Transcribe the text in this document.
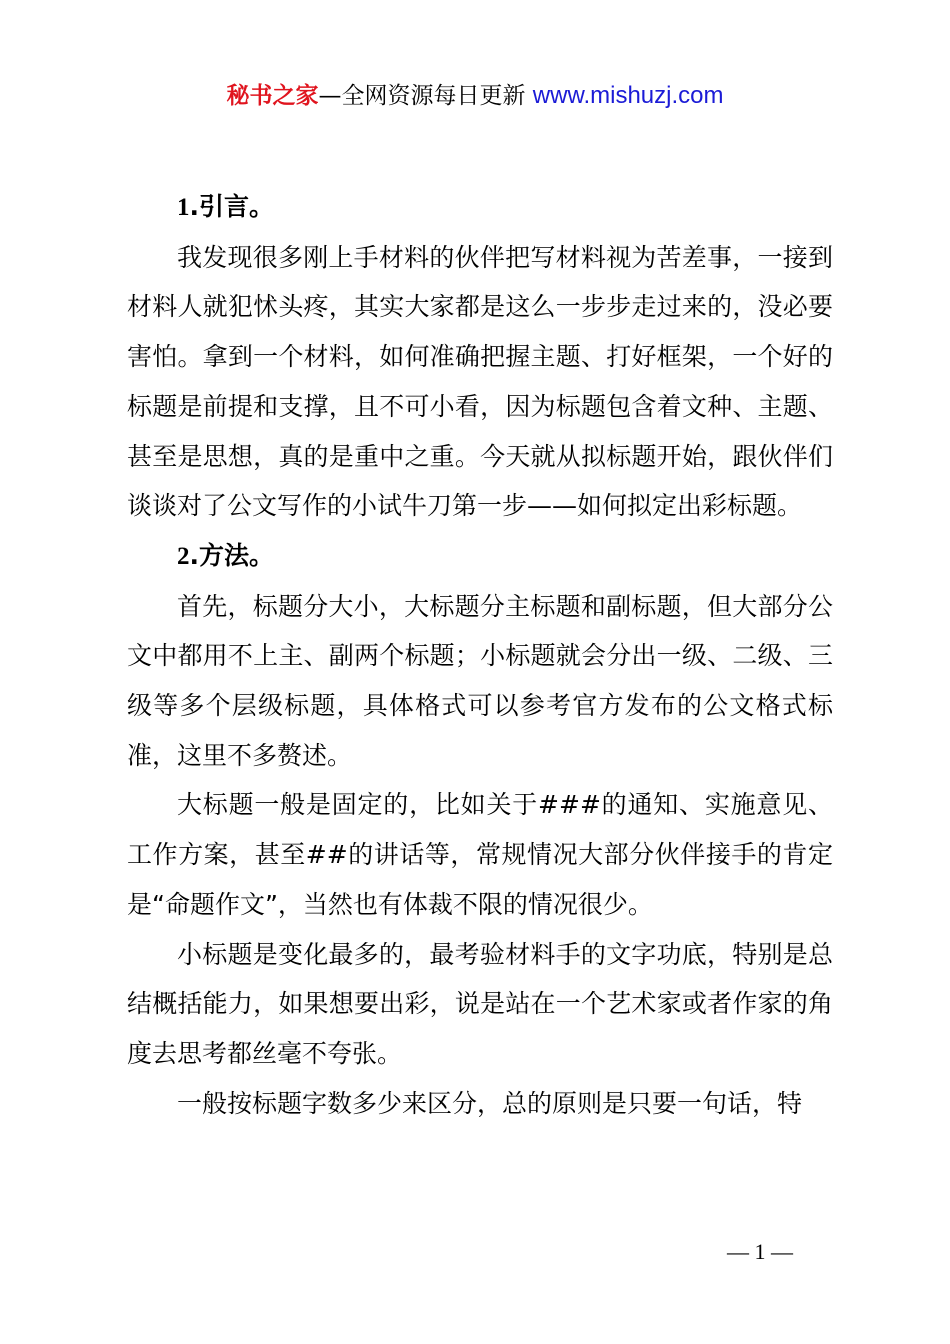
秘书之家—全网资源每日更新 www.mishuzj.com

1.引言。

我发现很多刚上手材料的伙伴把写材料视为苦差事，一接到材料人就犯怵头疼，其实大家都是这么一步步走过来的，没必要害怕。拿到一个材料，如何准确把握主题、打好框架，一个好的标题是前提和支撑，且不可小看，因为标题包含着文种、主题、甚至是思想，真的是重中之重。今天就从拟标题开始，跟伙伴们谈谈对了公文写作的小试牛刀第一步——如何拟定出彩标题。

2.方法。

首先，标题分大小，大标题分主标题和副标题，但大部分公文中都用不上主、副两个标题；小标题就会分出一级、二级、三级等多个层级标题，具体格式可以参考官方发布的公文格式标准，这里不多赘述。

大标题一般是固定的，比如关于###的通知、实施意见、工作方案，甚至##的讲话等，常规情况大部分伙伴接手的肯定是“命题作文”，当然也有体裁不限的情况很少。

小标题是变化最多的，最考验材料手的文字功底，特别是总结概括能力，如果想要出彩，说是站在一个艺术家或者作家的角度去思考都丝毫不夸张。

一般按标题字数多少来区分，总的原则是只要一句话，特

— 1 —
